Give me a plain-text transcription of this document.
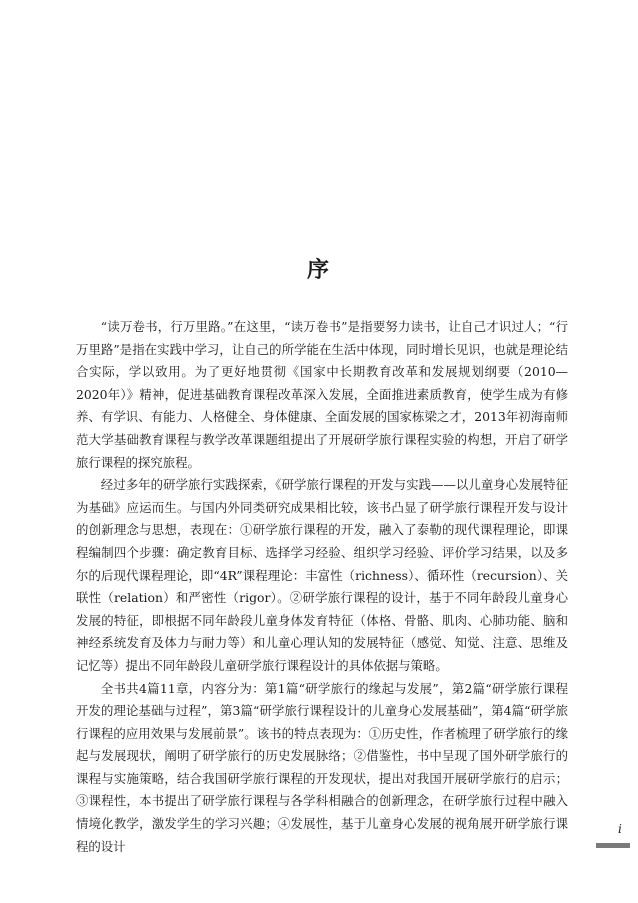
序

“读万卷书，行万里路。”在这里，“读万卷书”是指要努力读书，让自己才识过人；“行万里路”是指在实践中学习，让自己的所学能在生活中体现，同时增长见识，也就是理论结合实际，学以致用。为了更好地贯彻《国家中长期教育改革和发展规划纲要（2010—2020年）》精神，促进基础教育课程改革深入发展，全面推进素质教育，使学生成为有修养、有学识、有能力、人格健全、身体健康、全面发展的国家栋梁之才，2013年初海南师范大学基础教育课程与教学改革课题组提出了开展研学旅行课程实验的构想，开启了研学旅行课程的探究旅程。

经过多年的研学旅行实践探索，《研学旅行课程的开发与实践——以儿童身心发展特征为基础》应运而生。与国内外同类研究成果相比较，该书凸显了研学旅行课程开发与设计的创新理念与思想，表现在：①研学旅行课程的开发，融入了泰勒的现代课程理论，即课程编制四个步骤：确定教育目标、选择学习经验、组织学习经验、评价学习结果，以及多尔的后现代课程理论，即“4R”课程理论：丰富性（richness）、循环性（recursion）、关联性（relation）和严密性（rigor）。②研学旅行课程的设计，基于不同年龄段儿童身心发展的特征，即根据不同年龄段儿童身体发育特征（体格、骨骼、肌肉、心肺功能、脑和神经系统发育及体力与耐力等）和儿童心理认知的发展特征（感觉、知觉、注意、思维及记忆等）提出不同年龄段儿童研学旅行课程设计的具体依据与策略。

全书共4篇11章，内容分为：第1篇“研学旅行的缘起与发展”，第2篇“研学旅行课程开发的理论基础与过程”，第3篇“研学旅行课程设计的儿童身心发展基础”，第4篇“研学旅行课程的应用效果与发展前景”。该书的特点表现为：①历史性，作者梳理了研学旅行的缘起与发展现状，阐明了研学旅行的历史发展脉络；②借鉴性，书中呈现了国外研学旅行的课程与实施策略，结合我国研学旅行课程的开发现状，提出对我国开展研学旅行的启示；③课程性，本书提出了研学旅行课程与各学科相融合的创新理念，在研学旅行过程中融入情境化教学，激发学生的学习兴趣；④发展性，基于儿童身心发展的视角展开研学旅行课程的设计

i
